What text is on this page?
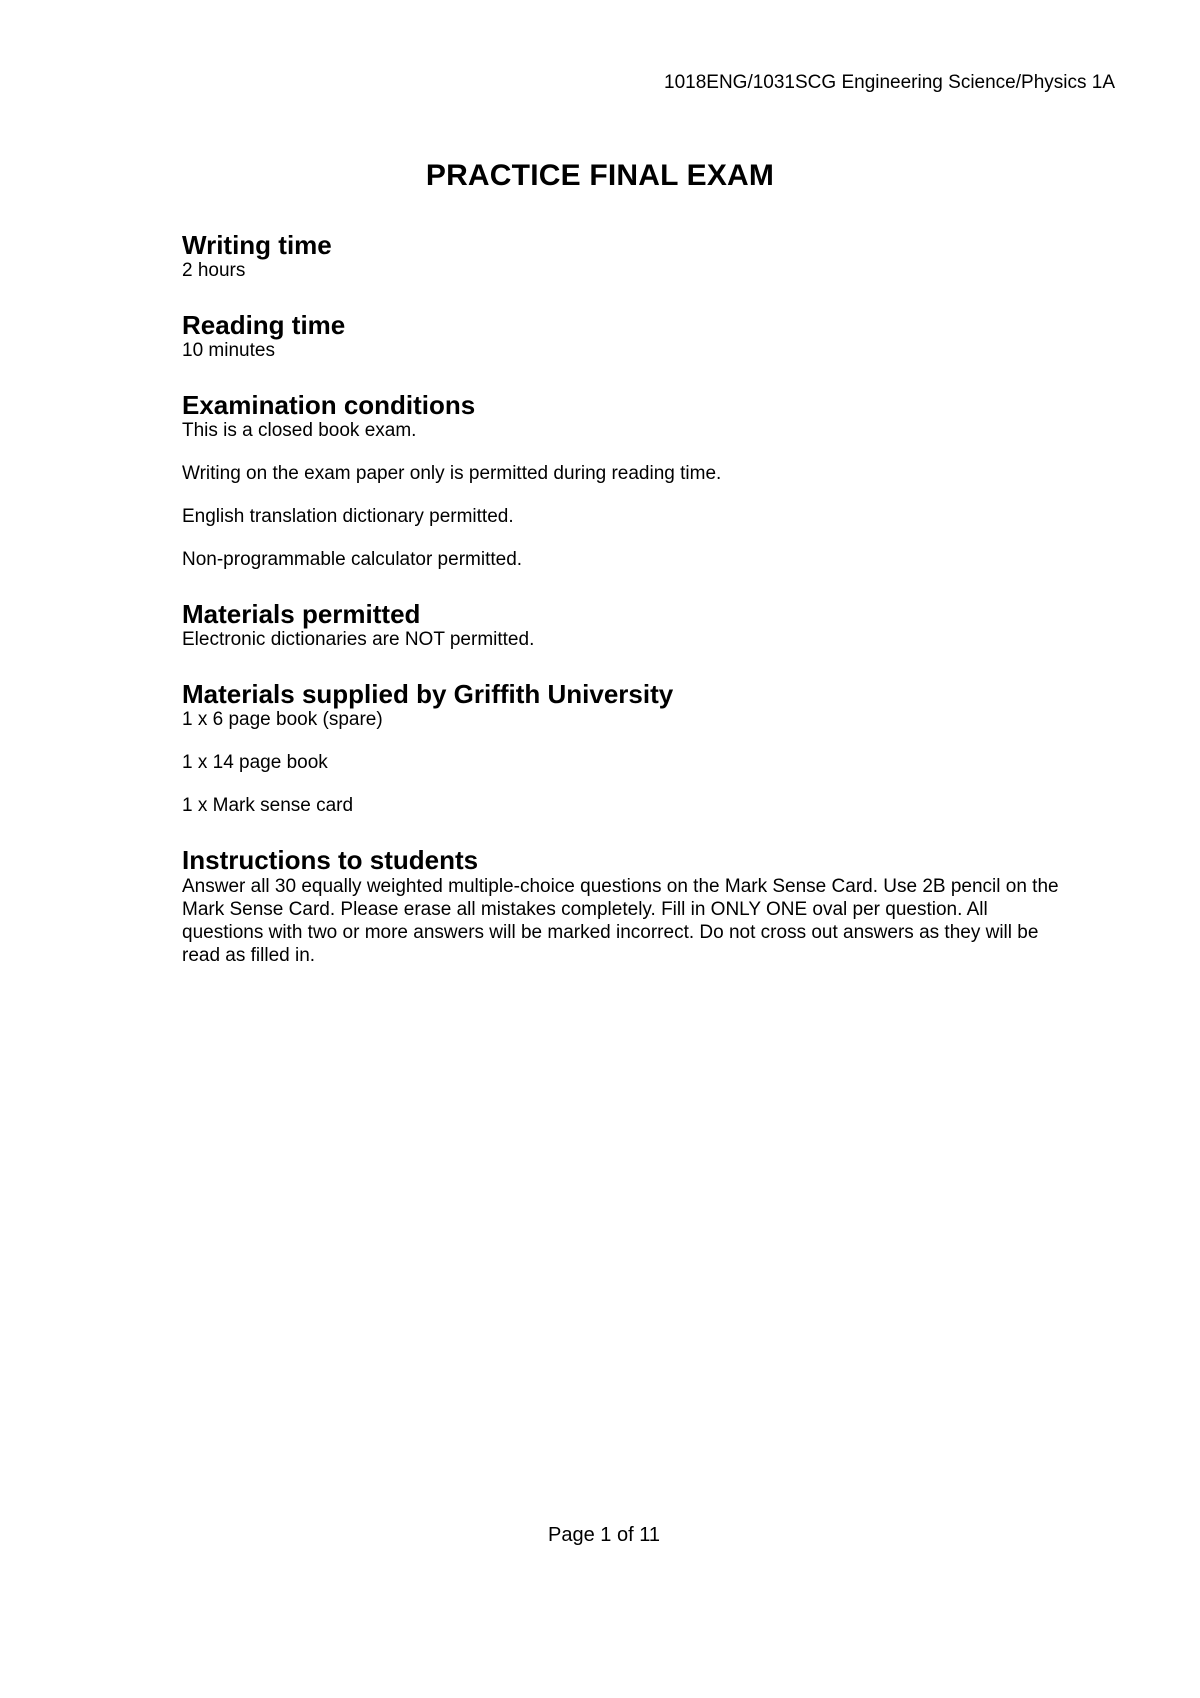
1018ENG/1031SCG Engineering Science/Physics 1A
PRACTICE FINAL EXAM
Writing time

2 hours

Reading time

10 minutes

Examination conditions

This is a closed book exam.

Writing on the exam paper only is permitted during reading time.

English translation dictionary permitted.

Non-programmable calculator permitted.

Materials permitted

Electronic dictionaries are NOT permitted.

Materials supplied by Griffith University

1 x 6 page book (spare)

1 x 14 page book

1 x Mark sense card

Instructions to students

Answer all 30 equally weighted multiple-choice questions on the Mark Sense Card. Use 2B pencil on the Mark Sense Card. Please erase all mistakes completely. Fill in ONLY ONE oval per question. All questions with two or more answers will be marked incorrect. Do not cross out answers as they will be read as filled in.

Page 1 of 11
